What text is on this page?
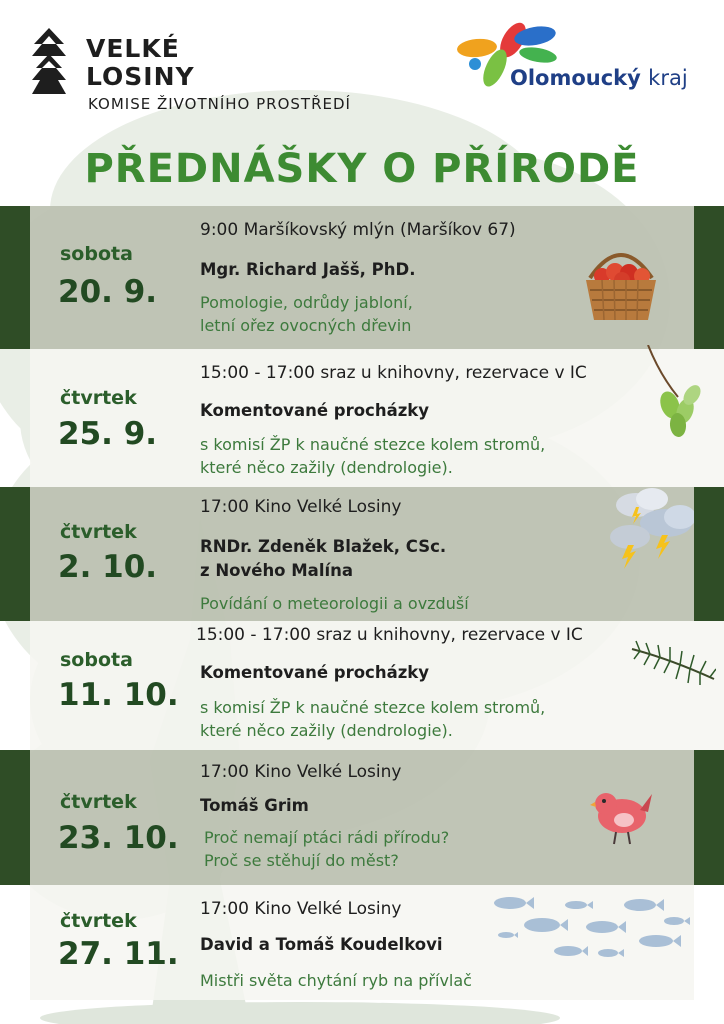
VELKÉ
LOSINY
KOMISE ŽIVOTNÍHO PROSTŘEDÍ
Olomoucký kraj
PŘEDNÁŠKY O PŘÍRODĚ
sobota
20. 9.
9:00 Maršíkovský mlýn (Maršíkov 67)
Mgr. Richard Jašš, PhD.
Pomologie, odrůdy jabloní,
letní ořez ovocných dřevin
čtvrtek
25. 9.
15:00 - 17:00 sraz u knihovny, rezervace v IC
Komentované procházky
s komisí ŽP k naučné stezce kolem stromů,
které něco zažily (dendrologie).
čtvrtek
2. 10.
17:00 Kino Velké Losiny
RNDr. Zdeněk Blažek, CSc.
z Nového Malína
Povídání o meteorologii a ovzduší
sobota
11. 10.
15:00 - 17:00 sraz u knihovny, rezervace v IC
Komentované procházky
s komisí ŽP k naučné stezce kolem stromů,
které něco zažily (dendrologie).
čtvrtek
23. 10.
17:00 Kino Velké Losiny
Tomáš Grim
Proč nemají ptáci rádi přírodu?
Proč se stěhují do měst?
čtvrtek
27. 11.
17:00 Kino Velké Losiny
David a Tomáš Koudelkovi
Mistři světa chytání ryb na přívlač
